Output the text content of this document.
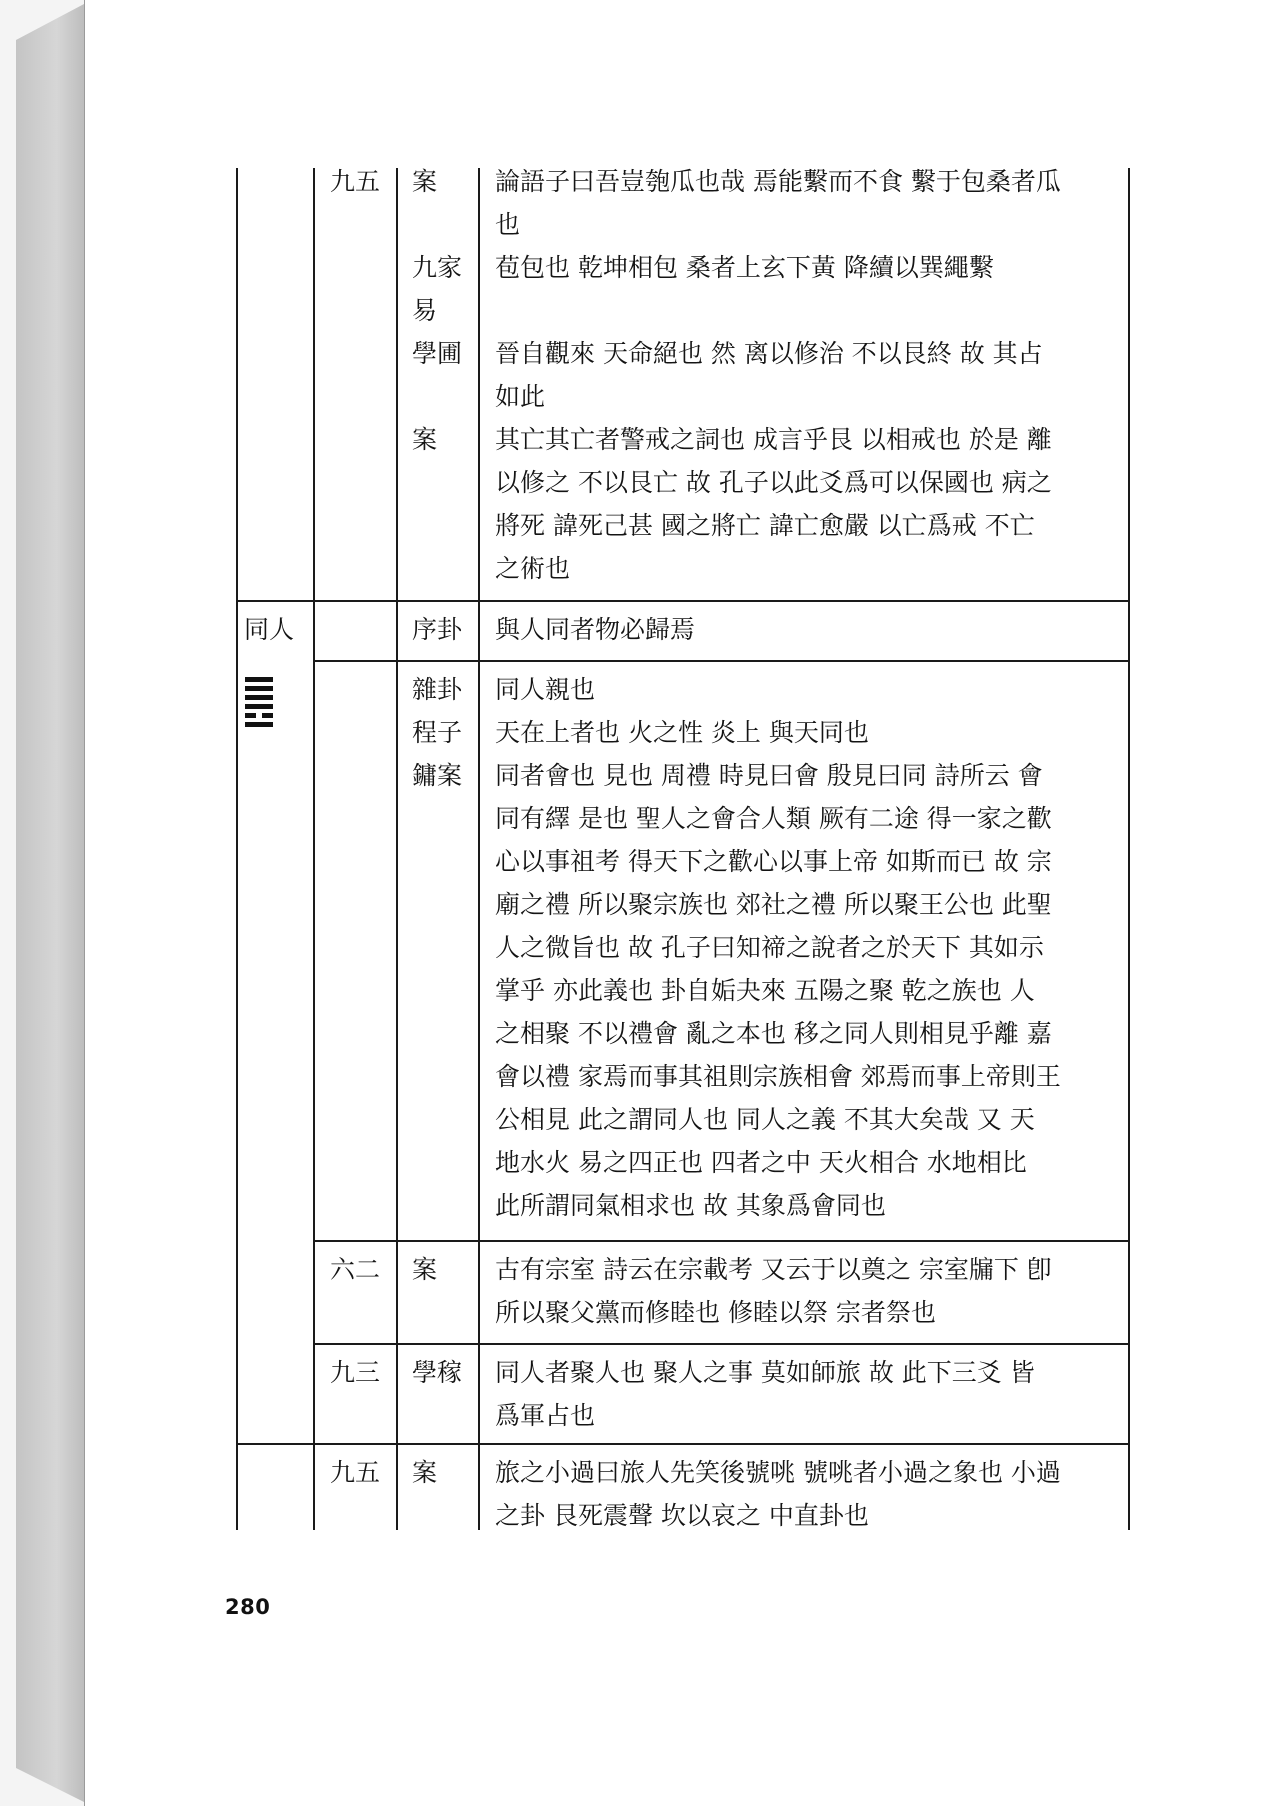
九五 案
九家
易
學圃
案
論語子曰吾豈匏瓜也哉 焉能繫而不食 繫于包桑者瓜
也
苞包也 乾坤相包 桑者上玄下黃 降續以巽繩繫
晉自觀來 天命絕也 然 离以修治 不以艮終 故 其占
如此
其亡其亡者警戒之詞也 成言乎艮 以相戒也 於是 離
以修之 不以艮亡 故 孔子以此爻爲可以保國也 病之
將死 諱死己甚 國之將亡 諱亡愈嚴 以亡爲戒 不亡
之術也
同人	序卦 與人同者物必歸焉
雜卦
程子
鏞案
同人親也
天在上者也 火之性 炎上 與天同也
同者會也 見也 周禮 時見曰會 殷見曰同 詩所云 會
同有繹 是也 聖人之會合人類 厥有二途 得一家之歡
心以事祖考 得天下之歡心以事上帝 如斯而已 故 宗
廟之禮 所以聚宗族也 郊社之禮 所以聚王公也 此聖
人之微旨也 故 孔子曰知禘之說者之於天下 其如示
掌乎 亦此義也 卦自姤夬來 五陽之聚 乾之族也 人
之相聚 不以禮會 亂之本也 移之同人則相見乎離 嘉
會以禮 家焉而事其祖則宗族相會 郊焉而事上帝則王
公相見 此之謂同人也 同人之義 不其大矣哉 又 天
地水火 易之四正也 四者之中 天火相合 水地相比
此所謂同氣相求也 故 其象爲會同也
六二 案 古有宗室 詩云在宗載考 又云于以奠之 宗室牖下 卽
所以聚父黨而修睦也 修睦以祭 宗者祭也
九三 學稼 同人者聚人也 聚人之事 莫如師旅 故 此下三爻 皆
爲軍占也
九五 案 旅之小過曰旅人先笑後號咷 號咷者小過之象也 小過
之卦 艮死震聲 坎以哀之 中直卦也
280
